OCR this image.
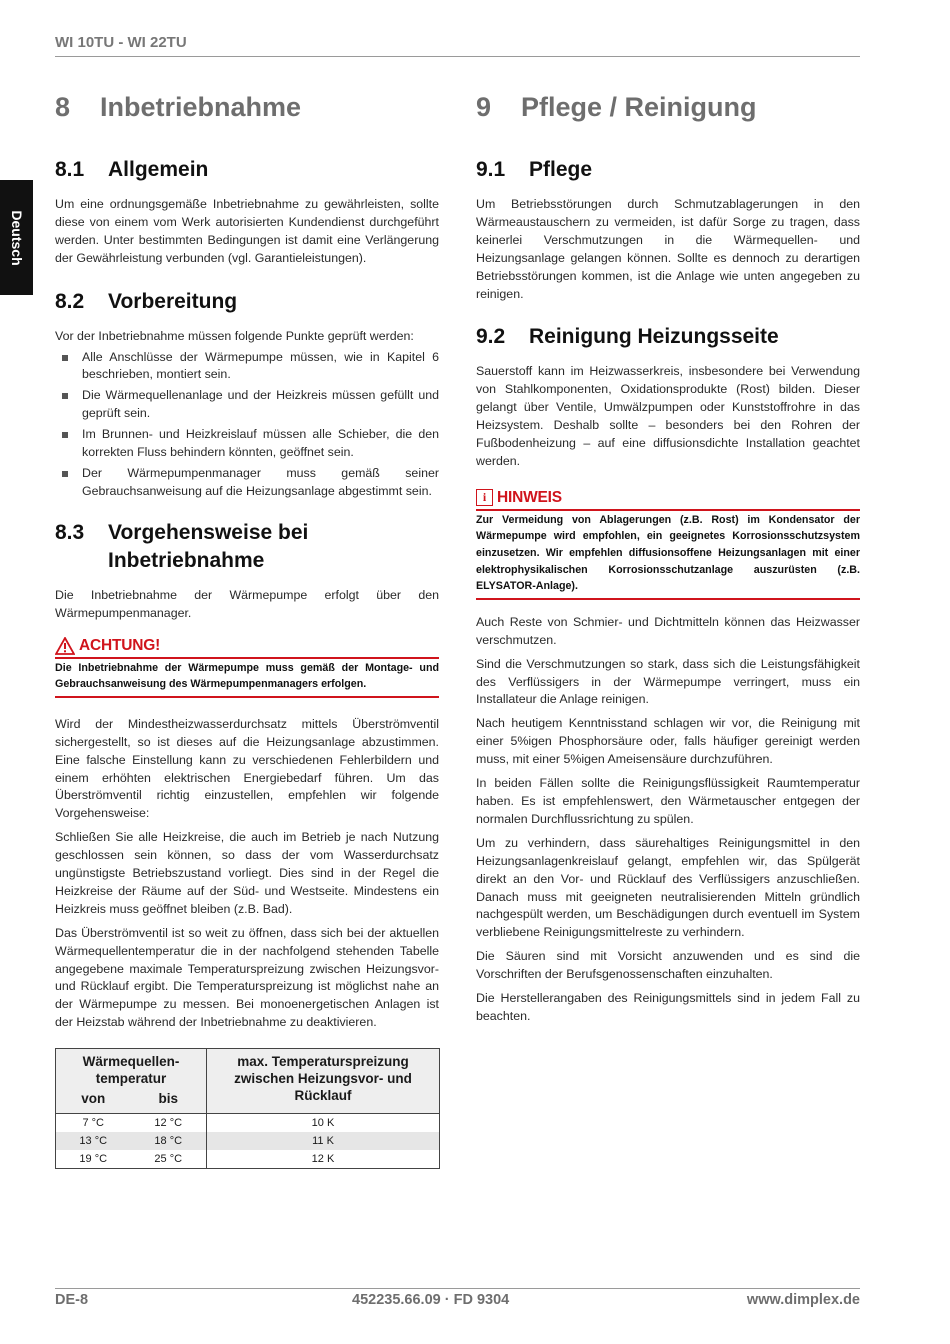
WI 10TU - WI 22TU
Deutsch
8 Inbetriebnahme
8.1	Allgemein

Um eine ordnungsgemäße Inbetriebnahme zu gewährleisten, sollte diese von einem vom Werk autorisierten Kundendienst durchgeführt werden. Unter bestimmten Bedingungen ist damit eine Verlängerung der Gewährleistung verbunden (vgl. Garantieleistungen).

8.2	Vorbereitung

Vor der Inbetriebnahme müssen folgende Punkte geprüft werden:

Alle Anschlüsse der Wärmepumpe müssen, wie in Kapitel 6 beschrieben, montiert sein.
Die Wärmequellenanlage und der Heizkreis müssen gefüllt und geprüft sein.
Im Brunnen- und Heizkreislauf müssen alle Schieber, die den korrekten Fluss behindern könnten, geöffnet sein.
Der Wärmepumpenmanager muss gemäß seiner Gebrauchsanweisung auf die Heizungsanlage abgestimmt sein.
8.3	Vorgehensweise bei
Inbetriebnahme

Die Inbetriebnahme der Wärmepumpe erfolgt über den Wärmepumpenmanager.

ACHTUNG!
Die Inbetriebnahme der Wärmepumpe muss gemäß der Montage- und Gebrauchsanweisung des Wärmepumpenmanagers erfolgen.

Wird der Mindestheizwasserdurchsatz mittels Überströmventil sichergestellt, so ist dieses auf die Heizungsanlage abzustimmen. Eine falsche Einstellung kann zu verschiedenen Fehlerbildern und einem erhöhten elektrischen Energiebedarf führen. Um das Überströmventil richtig einzustellen, empfehlen wir folgende Vorgehensweise:

Schließen Sie alle Heizkreise, die auch im Betrieb je nach Nutzung geschlossen sein können, so dass der vom Wasserdurchsatz ungünstigste Betriebszustand vorliegt. Dies sind in der Regel die Heizkreise der Räume auf der Süd- und Westseite. Mindestens ein Heizkreis muss geöffnet bleiben (z.B. Bad).

Das Überströmventil ist so weit zu öffnen, dass sich bei der aktuellen Wärmequellentemperatur die in der nachfolgend stehenden Tabelle angegebene maximale Temperaturspreizung zwischen Heizungsvor- und Rücklauf ergibt. Die Temperaturspreizung ist möglichst nahe an der Wärmepumpe zu messen. Bei monoenergetischen Anlagen ist der Heizstab während der Inbetriebnahme zu deaktivieren.

Wärmequellen-temperatur		max. Temperaturspreizung zwischen Heizungsvor- und Rücklauf
von	bis	
7 °C	12 °C	10 K
13 °C	18 °C	11 K
19 °C	25 °C	12 K
9 Pflege / Reinigung
9.1	Pflege

Um Betriebsstörungen durch Schmutzablagerungen in den Wärmeaustauschern zu vermeiden, ist dafür Sorge zu tragen, dass keinerlei Verschmutzungen in die Wärmequellen- und Heizungsanlage gelangen können. Sollte es dennoch zu derartigen Betriebsstörungen kommen, ist die Anlage wie unten angegeben zu reinigen.

9.2	Reinigung Heizungsseite

Sauerstoff kann im Heizwasserkreis, insbesondere bei Verwendung von Stahlkomponenten, Oxidationsprodukte (Rost) bilden. Dieser gelangt über Ventile, Umwälzpumpen oder Kunststoffrohre in das Heizsystem. Deshalb sollte – besonders bei den Rohren der Fußbodenheizung – auf eine diffusionsdichte Installation geachtet werden.

i HINWEIS
Zur Vermeidung von Ablagerungen (z.B. Rost) im Kondensator der Wärmepumpe wird empfohlen, ein geeignetes Korrosionsschutzsystem einzusetzen. Wir empfehlen diffusionsoffene Heizungsanlagen mit einer elektrophysikalischen Korrosionsschutzanlage auszurüsten (z.B. ELYSATOR-Anlage).

Auch Reste von Schmier- und Dichtmitteln können das Heizwasser verschmutzen.

Sind die Verschmutzungen so stark, dass sich die Leistungsfähigkeit des Verflüssigers in der Wärmepumpe verringert, muss ein Installateur die Anlage reinigen.

Nach heutigem Kenntnisstand schlagen wir vor, die Reinigung mit einer 5%igen Phosphorsäure oder, falls häufiger gereinigt werden muss, mit einer 5%igen Ameisensäure durchzuführen.

In beiden Fällen sollte die Reinigungsflüssigkeit Raumtemperatur haben. Es ist empfehlenswert, den Wärmetauscher entgegen der normalen Durchflussrichtung zu spülen.

Um zu verhindern, dass säurehaltiges Reinigungsmittel in den Heizungsanlagenkreislauf gelangt, empfehlen wir, das Spülgerät direkt an den Vor- und Rücklauf des Verflüssigers anzuschließen. Danach muss mit geeigneten neutralisierenden Mitteln gründlich nachgespült werden, um Beschädigungen durch eventuell im System verbliebene Reinigungsmittelreste zu verhindern.

Die Säuren sind mit Vorsicht anzuwenden und es sind die Vorschriften der Berufsgenossenschaften einzuhalten.

Die Herstellerangaben des Reinigungsmittels sind in jedem Fall zu beachten.

DE-8	452235.66.09 · FD 9304	www.dimplex.de
